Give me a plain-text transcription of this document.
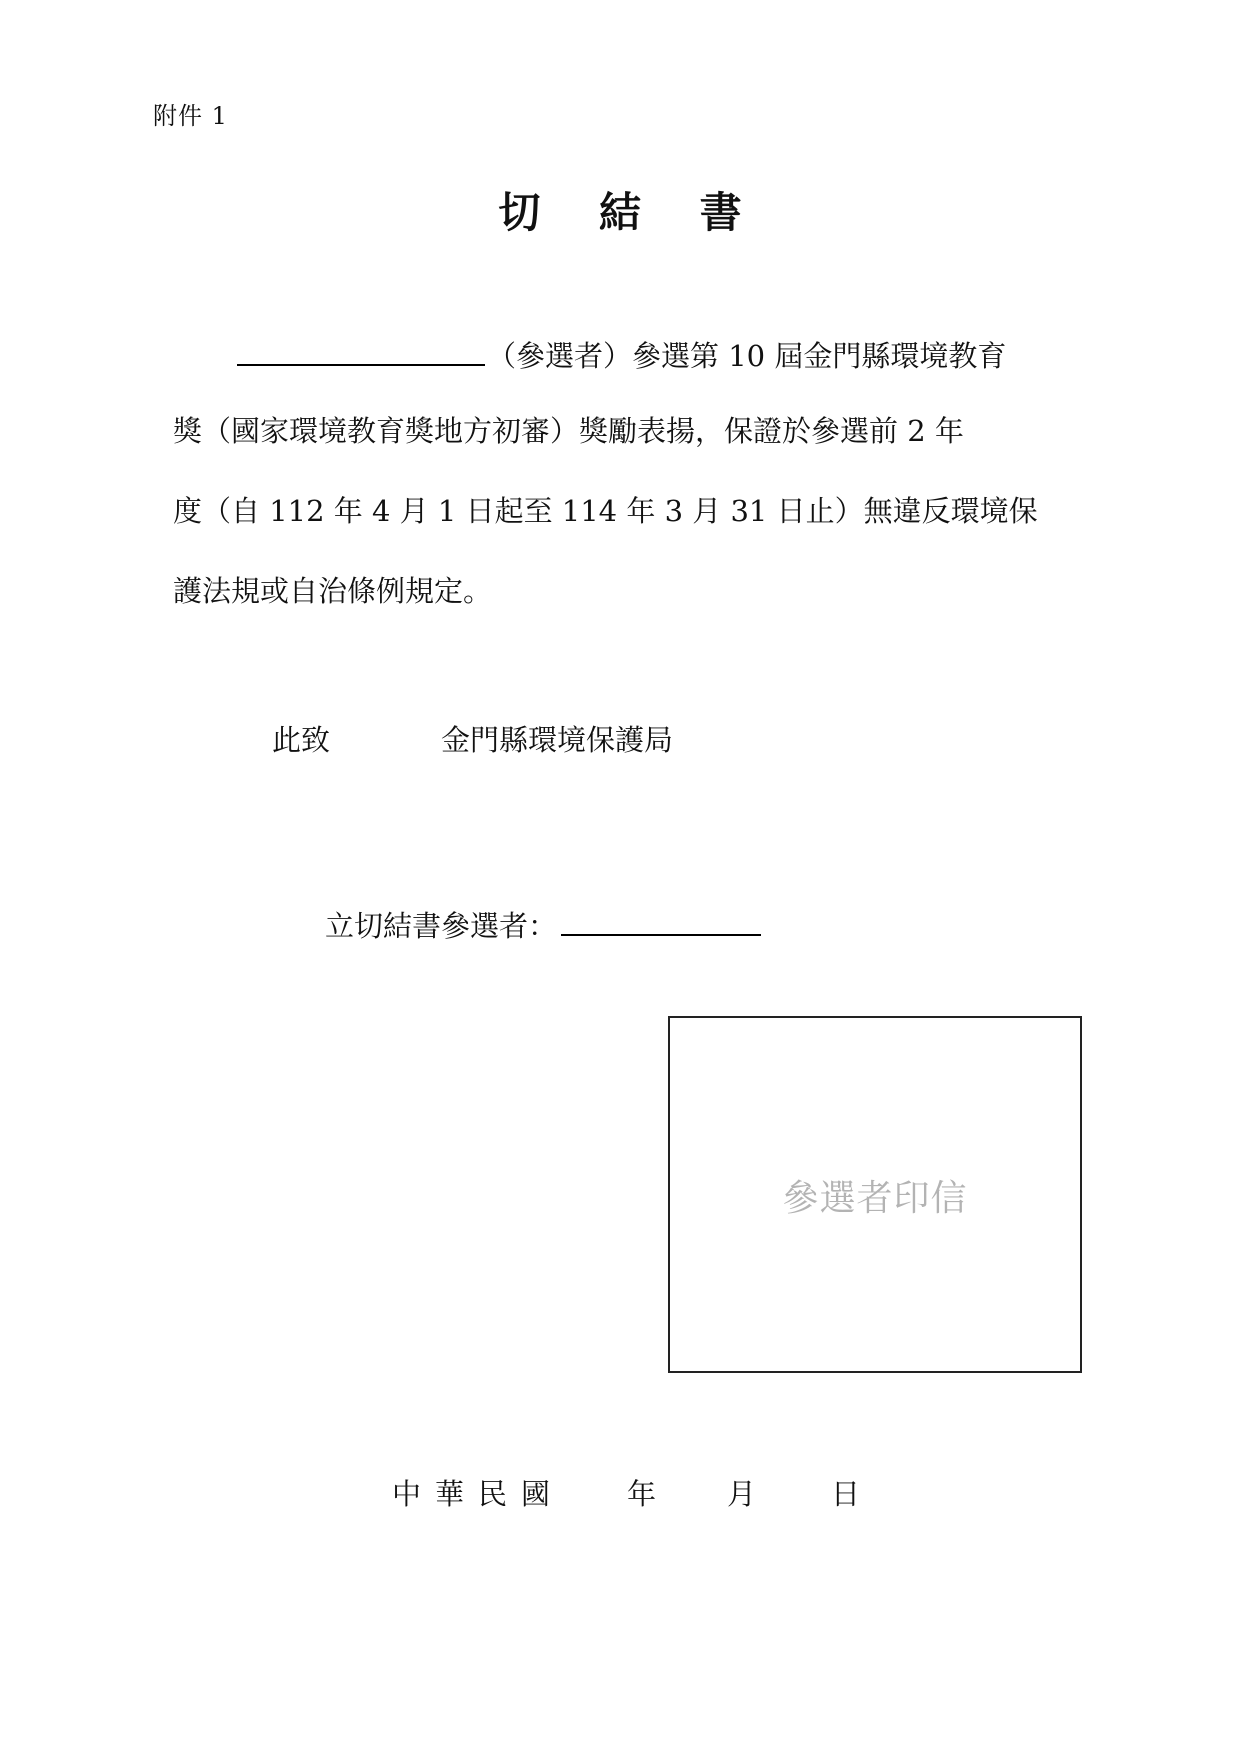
附件 1
切 結 書
（參選者）參選第 10 屆金門縣環境教育
獎（國家環境教育獎地方初審）獎勵表揚，保證於參選前 2 年
度（自 112 年 4 月 1 日起至 114 年 3 月 31 日止）無違反環境保
護法規或自治條例規定。
此致	金門縣環境保護局
立切結書參選者：
參選者印信
中華民國 年 月	日
